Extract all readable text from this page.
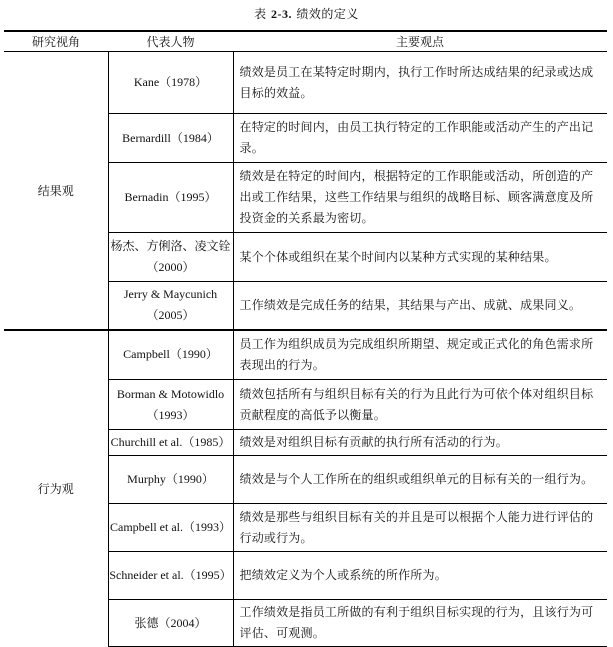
表 2-3. 绩效的定义
研究视角	代表人物	主要观点
结果观	Kane（1978）	绩效是员工在某特定时期内，执行工作时所达成结果的纪录或达成目标的效益。
	Bernardill（1984）	在特定的时间内，由员工执行特定的工作职能或活动产生的产出记录。
	Bernadin（1995）	绩效是在特定的时间内，根据特定的工作职能或活动，所创造的产出或工作结果，这些工作结果与组织的战略目标、顾客满意度及所投资金的关系最为密切。
	杨杰、方俐洛、凌文铨（2000）	某个个体或组织在某个时间内以某种方式实现的某种结果。
	Jerry & Maycunich（2005）	工作绩效是完成任务的结果，其结果与产出、成就、成果同义。
行为观	Campbell（1990）	员工作为组织成员为完成组织所期望、规定或正式化的角色需求所表现出的行为。
	Borman & Motowidlo（1993）	绩效包括所有与组织目标有关的行为且此行为可依个体对组织目标贡献程度的高低予以衡量。
	Churchill et al.（1985）	绩效是对组织目标有贡献的执行所有活动的行为。
	Murphy（1990）	绩效是与个人工作所在的组织或组织单元的目标有关的一组行为。
	Campbell et al.（1993）	绩效是那些与组织目标有关的并且是可以根据个人能力进行评估的行动或行为。
	Schneider et al.（1995）	把绩效定义为个人或系统的所作所为。
	张德（2004）	工作绩效是指员工所做的有利于组织目标实现的行为，且该行为可评估、可观测。
